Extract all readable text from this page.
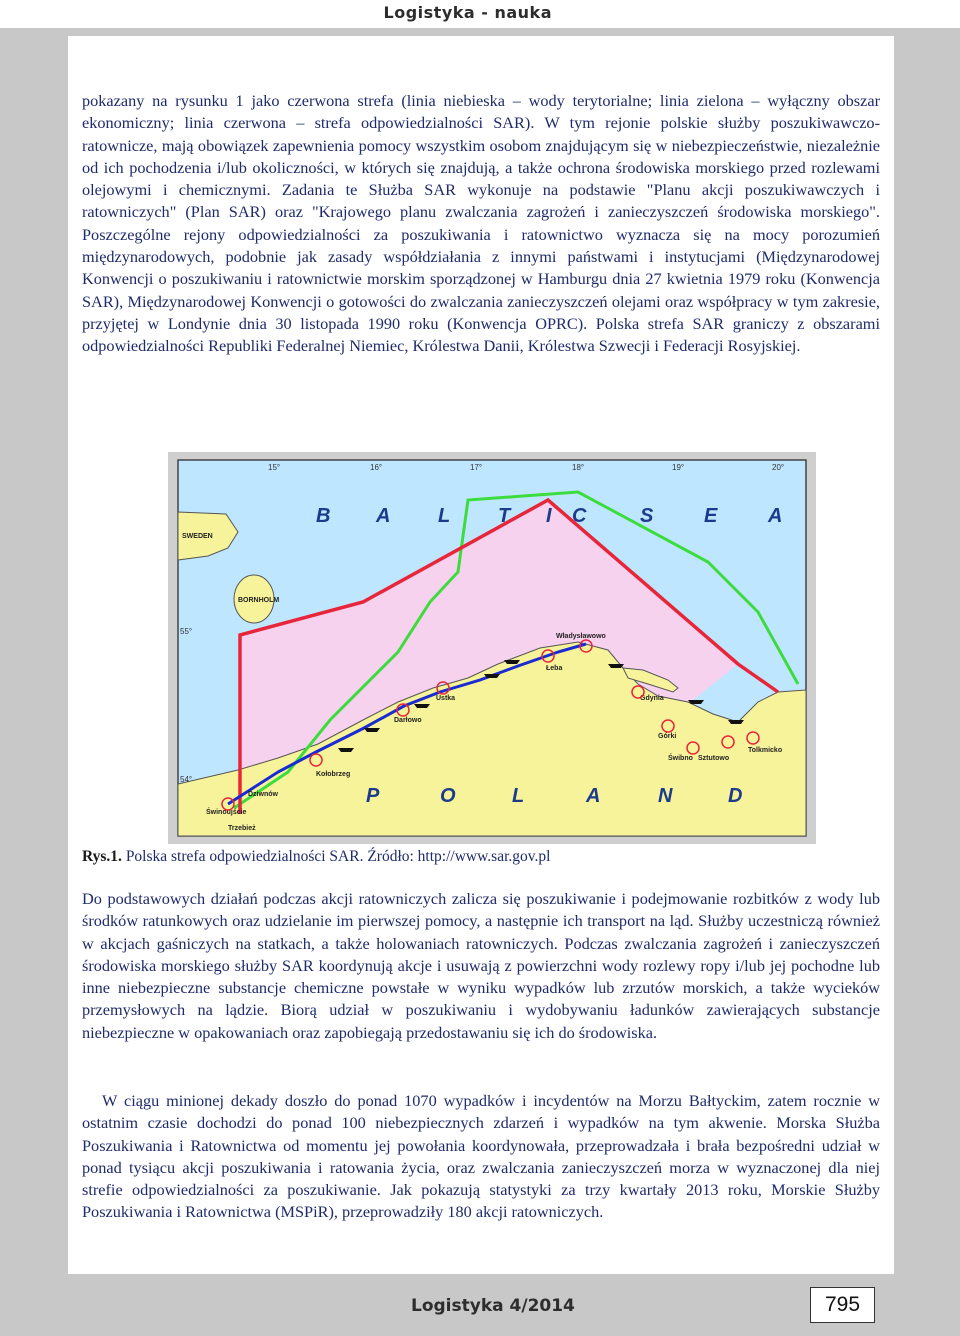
Logistyka - nauka

pokazany na rysunku 1 jako czerwona strefa (linia niebieska – wody terytorialne; linia zielona – wyłączny obszar ekonomiczny; linia czerwona – strefa odpowiedzialności SAR). W tym rejonie polskie służby poszukiwawczo- ratownicze, mają obowiązek zapewnienia pomocy wszystkim osobom znajdującym się w niebezpieczeństwie, niezależnie od ich pochodzenia i/lub okoliczności, w których się znajdują, a także ochrona środowiska morskiego przed rozlewami olejowymi i chemicznymi. Zadania te Służba SAR wykonuje na podstawie "Planu akcji poszukiwawczych i ratowniczych" (Plan SAR) oraz "Krajowego planu zwalczania zagrożeń i zanieczyszczeń środowiska morskiego". Poszczególne rejony odpowiedzialności za poszukiwania i ratownictwo wyznacza się na mocy porozumień międzynarodowych, podobnie jak zasady współdziałania z innymi państwami i instytucjami (Międzynarodowej Konwencji o poszukiwaniu i ratownictwie morskim sporządzonej w Hamburgu dnia 27 kwietnia 1979 roku (Konwencja SAR), Międzynarodowej Konwencji o gotowości do zwalczania zanieczyszczeń olejami oraz współpracy w tym zakresie, przyjętej w Londynie dnia 30 listopada 1990 roku (Konwencja OPRC). Polska strefa SAR graniczy z obszarami odpowiedzialności Republiki Federalnej Niemiec, Królestwa Danii, Królestwa Szwecji i Federacji Rosyjskiej.

B A L T I C	S	E	A
P	O	L	A	N	D
15°	16°	17°	18°	19°	20°
55°
54°
SWEDEN
BORNHOLM
Władysławowo
Łeba
Ustka	Gdynia
Górki
Darłowo
Świbno Sztutowo
Tolkmicko
Kołobrzeg
Dziwnów
Świnoujście
Trzebież
Rys.1. Polska strefa odpowiedzialności SAR. Źródło: http://www.sar.gov.pl

Do podstawowych działań podczas akcji ratowniczych zalicza się poszukiwanie i podejmowanie rozbitków z wody lub środków ratunkowych oraz udzielanie im pierwszej pomocy, a następnie ich transport na ląd. Służby uczestniczą również w akcjach gaśniczych na statkach, a także holowaniach ratowniczych. Podczas zwalczania zagrożeń i zanieczyszczeń środowiska morskiego służby SAR koordynują akcje i usuwają z powierzchni wody rozlewy ropy i/lub jej pochodne lub inne niebezpieczne substancje chemiczne powstałe w wyniku wypadków lub zrzutów morskich, a także wycieków przemysłowych na lądzie. Biorą udział w poszukiwaniu i wydobywaniu ładunków zawierających substancje niebezpieczne w opakowaniach oraz zapobiegają przedostawaniu się ich do środowiska.

W ciągu minionej dekady doszło do ponad 1070 wypadków i incydentów na Morzu Bałtyckim, zatem rocznie w ostatnim czasie dochodzi do ponad 100 niebezpiecznych zdarzeń i wypadków na tym akwenie. Morska Służba Poszukiwania i Ratownictwa od momentu jej powołania koordynowała, przeprowadzała i brała bezpośredni udział w ponad tysiącu akcji poszukiwania i ratowania życia, oraz zwalczania zanieczyszczeń morza w wyznaczonej dla niej strefie odpowiedzialności za poszukiwanie. Jak pokazują statystyki za trzy kwartały 2013 roku, Morskie Służby Poszukiwania i Ratownictwa (MSPiR), przeprowadziły 180 akcji ratowniczych.

Logistyka 4/2014	795
